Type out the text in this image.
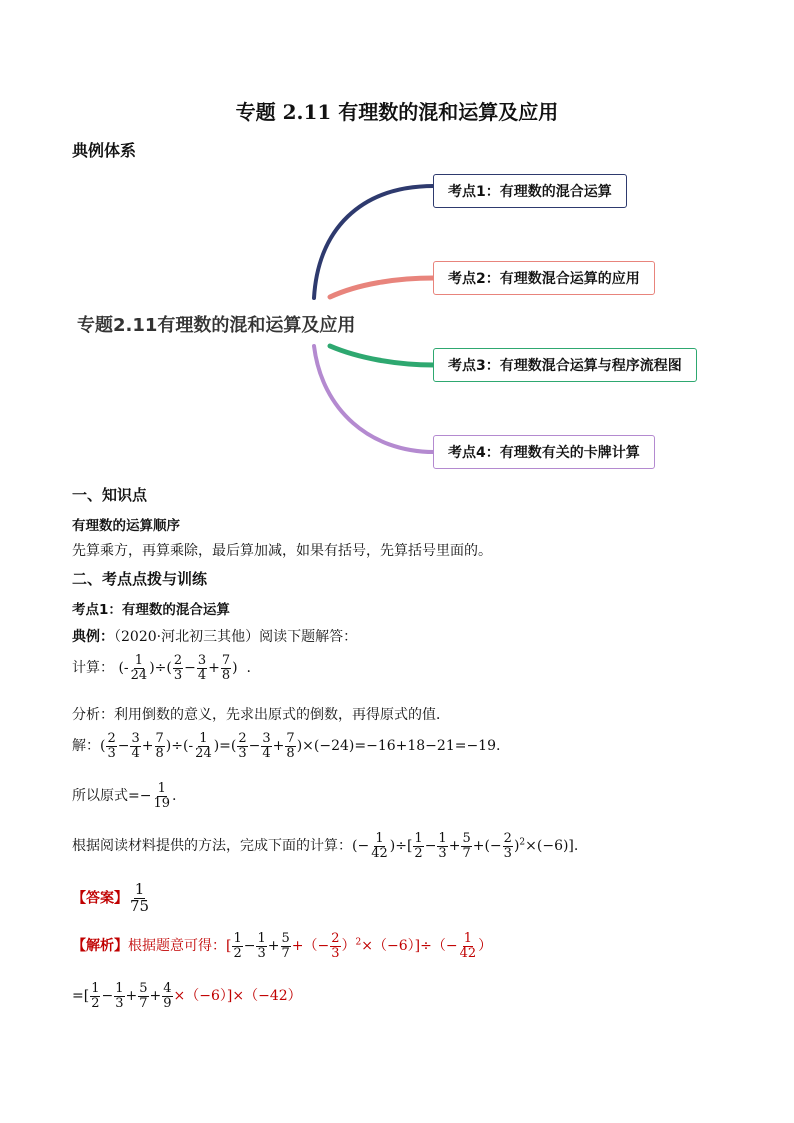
专题 2.11 有理数的混和运算及应用
典例体系
专题2.11有理数的混和运算及应用
考点1：有理数的混合运算
考点2：有理数混合运算的应用
考点3：有理数混合运算与程序流程图
考点4：有理数有关的卡牌计算
一、知识点
有理数的运算顺序
先算乘方，再算乘除，最后算加减，如果有括号，先算括号里面的。
二、考点点拨与训练
考点1：有理数的混合运算
典例：（2020·河北初三其他）阅读下题解答：
计算： (- $\frac{1}{24}$ )÷( $\frac{2}{3} - \frac{3}{4} + \frac{7}{8}$ )  .
分析：利用倒数的意义，先求出原式的倒数，再得原式的值．
解：( $\frac{2}{3} - \frac{3}{4} + \frac{7}{8}$ )÷(- $\frac{1}{24}$ )=( $\frac{2}{3} - \frac{3}{4} + \frac{7}{8} )\times(-24)=-16+18-21=-19$.
所以原式=− $\frac{1}{19}$ .
根据阅读材料提供的方法，完成下面的计算：(− $\frac{1}{42}$ )÷[ $\frac{1}{2} - \frac{1}{3} + \frac{5}{7}$ +(− $\frac{2}{3} )^2\times(-6)$].
【答案】 $\frac{1}{75}$
【解析】根据题意可得：[ $\frac{1}{2} - \frac{1}{3} + \frac{5}{7}$ +（− $\frac{2}{3} )^2\times(-6)]\div(- \frac{1}{42}$ ）
=[ $\frac{1}{2} - \frac{1}{3} + \frac{5}{7} + \frac{4}{9} \times(-6)]\times(-42)$
